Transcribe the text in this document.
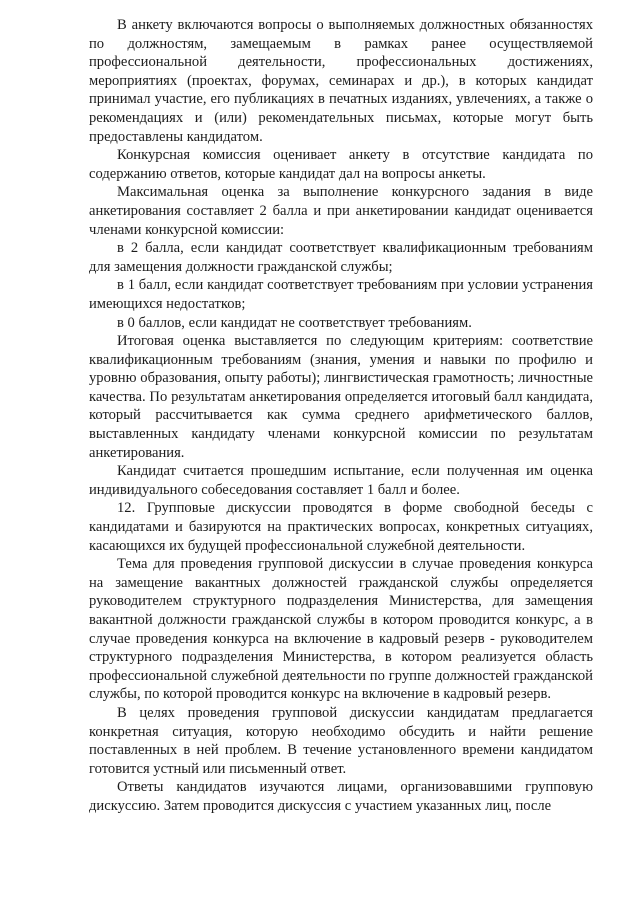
В анкету включаются вопросы о выполняемых должностных обязанностях по должностям, замещаемым в рамках ранее осуществляемой профессиональной деятельности, профессиональных достижениях, мероприятиях (проектах, форумах, семинарах и др.), в которых кандидат принимал участие, его публикациях в печатных изданиях, увлечениях, а также о рекомендациях и (или) рекомендательных письмах, которые могут быть предоставлены кандидатом.

Конкурсная комиссия оценивает анкету в отсутствие кандидата по содержанию ответов, которые кандидат дал на вопросы анкеты.

Максимальная оценка за выполнение конкурсного задания в виде анкетирования составляет 2 балла и при анкетировании кандидат оценивается членами конкурсной комиссии:

в 2 балла, если кандидат соответствует квалификационным требованиям для замещения должности гражданской службы;

в 1 балл, если кандидат соответствует требованиям при условии устранения имеющихся недостатков;

в 0 баллов, если кандидат не соответствует требованиям.

Итоговая оценка выставляется по следующим критериям: соответствие квалификационным требованиям (знания, умения и навыки по профилю и уровню образования, опыту работы); лингвистическая грамотность; личностные качества. По результатам анкетирования определяется итоговый балл кандидата, который рассчитывается как сумма среднего арифметического баллов, выставленных кандидату членами конкурсной комиссии по результатам анкетирования.

Кандидат считается прошедшим испытание, если полученная им оценка индивидуального собеседования составляет 1 балл и более.

12. Групповые дискуссии проводятся в форме свободной беседы с кандидатами и базируются на практических вопросах, конкретных ситуациях, касающихся их будущей профессиональной служебной деятельности.

Тема для проведения групповой дискуссии в случае проведения конкурса на замещение вакантных должностей гражданской службы определяется руководителем структурного подразделения Министерства, для замещения вакантной должности гражданской службы в котором проводится конкурс, а в случае проведения конкурса на включение в кадровый резерв - руководителем структурного подразделения Министерства, в котором реализуется область профессиональной служебной деятельности по группе должностей гражданской службы, по которой проводится конкурс на включение в кадровый резерв.

В целях проведения групповой дискуссии кандидатам предлагается конкретная ситуация, которую необходимо обсудить и найти решение поставленных в ней проблем. В течение установленного времени кандидатом готовится устный или письменный ответ.

Ответы кандидатов изучаются лицами, организовавшими групповую дискуссию. Затем проводится дискуссия с участием указанных лиц, после
